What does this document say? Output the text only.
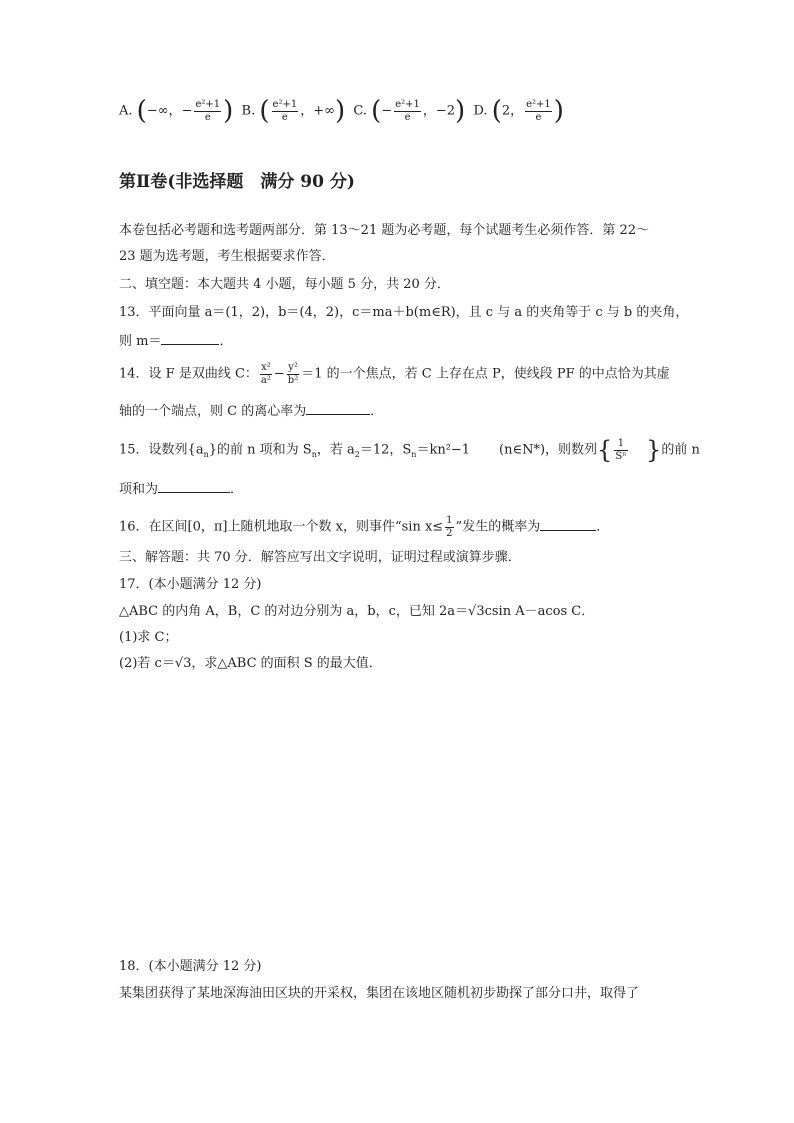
A. (−∞，− $\frac{\text{e²+1}}{e}$ ) B. ( $\frac{\text{e²+1}}{e}$ ，+∞) C. (− $\frac{\text{e²+1}}{e}$ ，−2) D. (2， $\frac{\text{e²+1}}{e}$ )
第Ⅱ卷(非选择题　满分 90 分)
本卷包括必考题和选考题两部分．第 13～21 题为必考题，每个试题考生必须作答．第 22～
23 题为选考题，考生根据要求作答．
二、填空题：本大题共 4 小题，每小题 5 分，共 20 分．
13．平面向量 a＝(1，2)，b＝(4，2)，c＝ma＋b(m∈R)，且 c 与 a 的夹角等于 c 与 b 的夹角，
则 m＝	．
14．设 F 是双曲线 C： $\frac{\text{x²}}{\text{a²}} - \frac{\text{y²}}{\text{b²}} =1$ 的一个焦点，若 C 上存在点 P，使线段 PF 的中点恰为其虚
轴的一个端点，则 C 的离心率为	．
15．设数列$\{a_n\}$的前 n 项和为 $S_n$，若 $a_2=12$，$S_n=kn^2-1$ (n∈N*)，则数列{ $\frac{1}{\text{Sⁿ}}$ }的前 n
项和为	．
16．在区间[0，π]上随机地取一个数 x，则事件“sin $x\le \frac{1}{2}$ ”发生的概率为	．
三、解答题：共 70 分．解答应写出文字说明，证明过程或演算步骤．
17．(本小题满分 12 分)
△ABC 的内角 A，B，C 的对边分别为 a，b，c，已知 2a＝√3csin A－acos C．
(1)求 C；
(2)若 c＝√3，求△ABC 的面积 S 的最大值．
18．(本小题满分 12 分)
某集团获得了某地深海油田区块的开采权，集团在该地区随机初步勘探了部分口井，取得了
